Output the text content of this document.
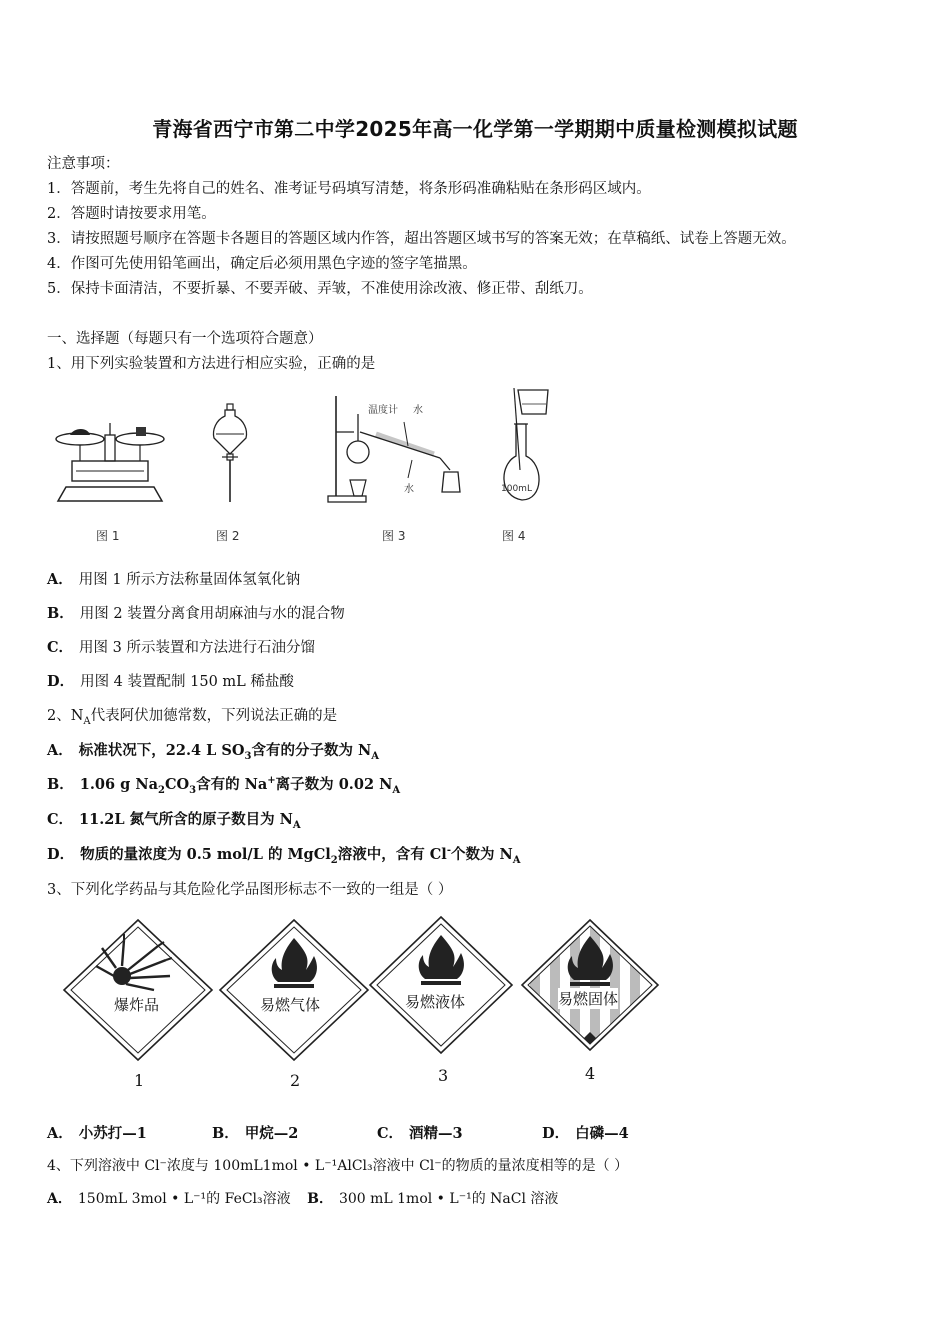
青海省西宁市第二中学2025年高一化学第一学期期中质量检测模拟试题
注意事项：
1．答题前，考生先将自己的姓名、准考证号码填写清楚，将条形码准确粘贴在条形码区域内。
2．答题时请按要求用笔。
3．请按照题号顺序在答题卡各题目的答题区域内作答，超出答题区域书写的答案无效；在草稿纸、试卷上答题无效。
4．作图可先使用铅笔画出，确定后必须用黑色字迹的签字笔描黑。
5．保持卡面清洁，不要折暴、不要弄破、弄皱，不准使用涂改液、修正带、刮纸刀。
一、选择题（每题只有一个选项符合题意）
1、用下列实验装置和方法进行相应实验，正确的是
图 1	图 2
温度计 水
水
图 3
100mL
图 4
A． 用图 1 所示方法称量固体氢氧化钠
B． 用图 2 装置分离食用胡麻油与水的混合物
C． 用图 3 所示装置和方法进行石油分馏
D． 用图 4 装置配制 150 mL 稀盐酸
2、$N_A$代表阿伏加德常数，下列说法正确的是
A． 标准状况下，22.4 L $SO_3$含有的分子数为 $N_A$
B． 1.06 g $Na_2CO_3$含有的 Na+离子数为 0.02 $N_A$
C． 11.2L 氮气所含的原子数目为 $N_A$
D． 物质的量浓度为 0.5 mol/L 的 MgCl$_2$溶液中，含有 Cl-个数为 $N_A$
3、下列化学药品与其危险化学品图形标志不一致的一组是（ ）
爆炸品
1
易燃气体
2
易燃液体
3
易燃固体
4
A． 小苏打—1	B． 甲烷—2	C． 酒精—3	D． 白磷—4
4、下列溶液中 Cl⁻浓度与 100mL1mol • L⁻¹AlCl₃溶液中 Cl⁻的物质的量浓度相等的是（ ）
A． 150mL 3mol • L⁻¹的 FeCl₃溶液 B． 300 mL 1mol • L⁻¹的 NaCl 溶液
